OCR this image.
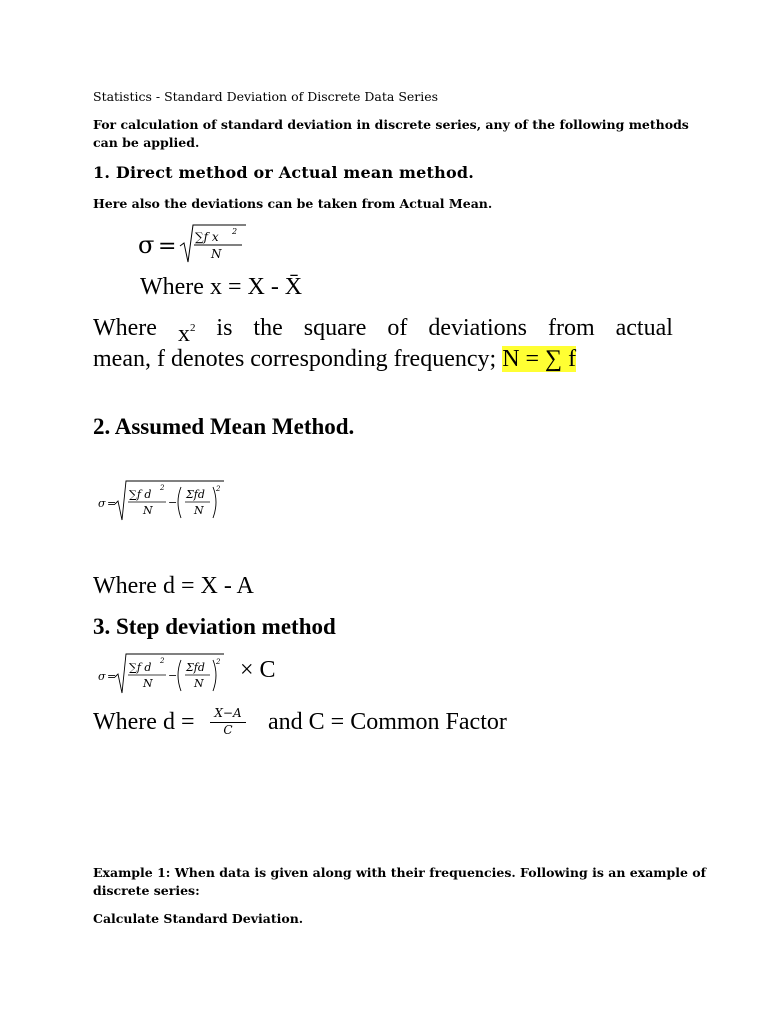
Statistics - Standard Deviation of Discrete Data Series

For calculation of standard deviation in discrete series, any of the following methods

can be applied.

1. Direct method or Actual mean method.

Here also the deviations can be taken from Actual Mean.

σ = ∑f x 2
N

Where x = X - X̄

Where $x^2$ is the square of deviations from actual
mean, f denotes corresponding frequency; N = ∑ f

2. Assumed Mean Method.

σ =
∑f d 2
N
−
Σfd
N
2

Where d = X - A

3. Step deviation method

σ =
∑f d 2
N
−
Σfd
N
2 × C

Where d =	X−A
C	and C = Common Factor

Example 1: When data is given along with their frequencies. Following is an example of

discrete series:

Calculate Standard Deviation.
